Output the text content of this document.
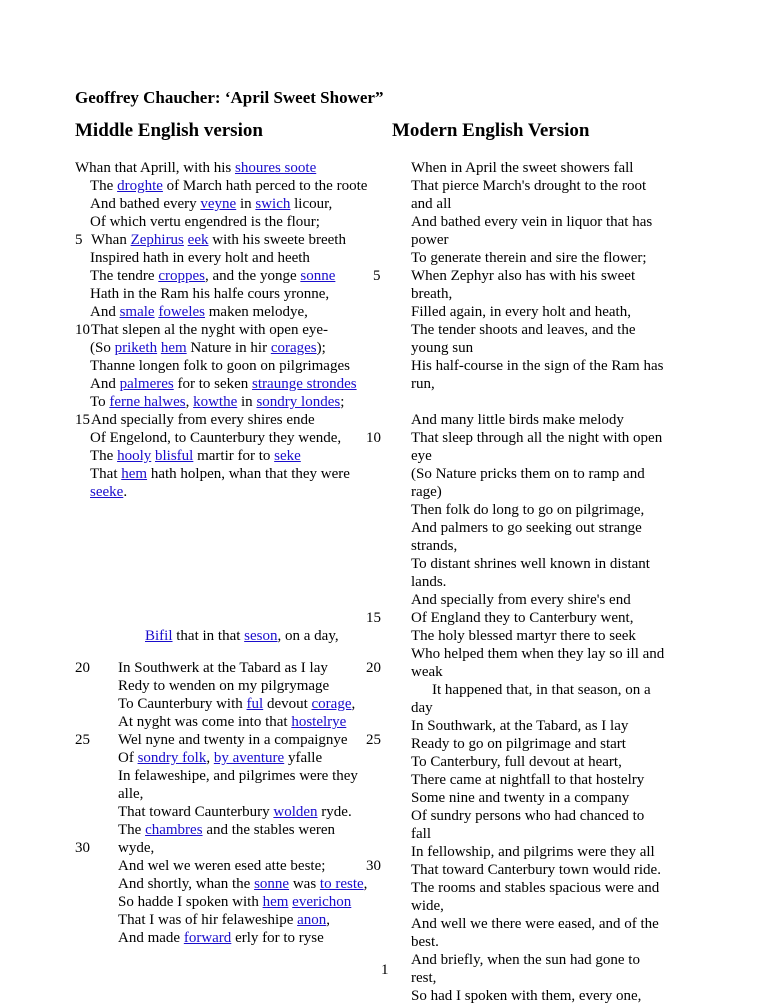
Geoffrey Chaucher: ‘April Sweet Shower”
Middle English version	Modern English Version
Whan that Aprill, with his shoures soote
The droghte of March hath perced to the roote
And bathed every veyne in swich licour,
Of which vertu engendred is the flour;
Whan Zephirus eek with his sweete breeth
Inspired hath in every holt and heeth
The tendre croppes, and the yonge sonne
Hath in the Ram his halfe cours yronne,
And smale foweles maken melodye,
That slepen al the nyght with open eye-
(So priketh hem Nature in hir corages);
Thanne longen folk to goon on pilgrimages
And palmeres for to seken straunge strondes
To ferne halwes, kowthe in sondry londes;
And specially from every shires ende
Of Engelond, to Caunterbury they wende,
The hooly blisful martir for to seke
That hem hath holpen, whan that they were
seeke.
Bifil that in that seson, on a day,
In Southwerk at the Tabard as I lay
Redy to wenden on my pilgrymage
To Caunterbury with ful devout corage,
At nyght was come into that hostelrye
Wel nyne and twenty in a compaignye
Of sondry folk, by aventure yfalle
In felaweshipe, and pilgrimes were they
alle,
That toward Caunterbury wolden ryde.
The chambres and the stables weren
wyde,
And wel we weren esed atte beste;
And shortly, whan the sonne was to reste,
So hadde I spoken with hem everichon
That I was of hir felaweshipe anon,
And made forward erly for to ryse
5
10
15
20
25
30
When in April the sweet showers fall
That pierce March's drought to the root
and all
And bathed every vein in liquor that has
power
To generate therein and sire the flower;
When Zephyr also has with his sweet
breath,
Filled again, in every holt and heath,
The tender shoots and leaves, and the
young sun
His half-course in the sign of the Ram has
run,
And many little birds make melody
That sleep through all the night with open
eye
(So Nature pricks them on to ramp and
rage)
Then folk do long to go on pilgrimage,
And palmers to go seeking out strange
strands,
To distant shrines well known in distant
lands.
And specially from every shire's end
Of England they to Canterbury went,
The holy blessed martyr there to seek
Who helped them when they lay so ill and
weak
It happened that, in that season, on a
day
In Southwark, at the Tabard, as I lay
Ready to go on pilgrimage and start
To Canterbury, full devout at heart,
There came at nightfall to that hostelry
Some nine and twenty in a company
Of sundry persons who had chanced to
fall
In fellowship, and pilgrims were they all
That toward Canterbury town would ride.
The rooms and stables spacious were and
wide,
And well we there were eased, and of the
best.
And briefly, when the sun had gone to
rest,
So had I spoken with them, every one,
5
10
15
20
25
30
1
